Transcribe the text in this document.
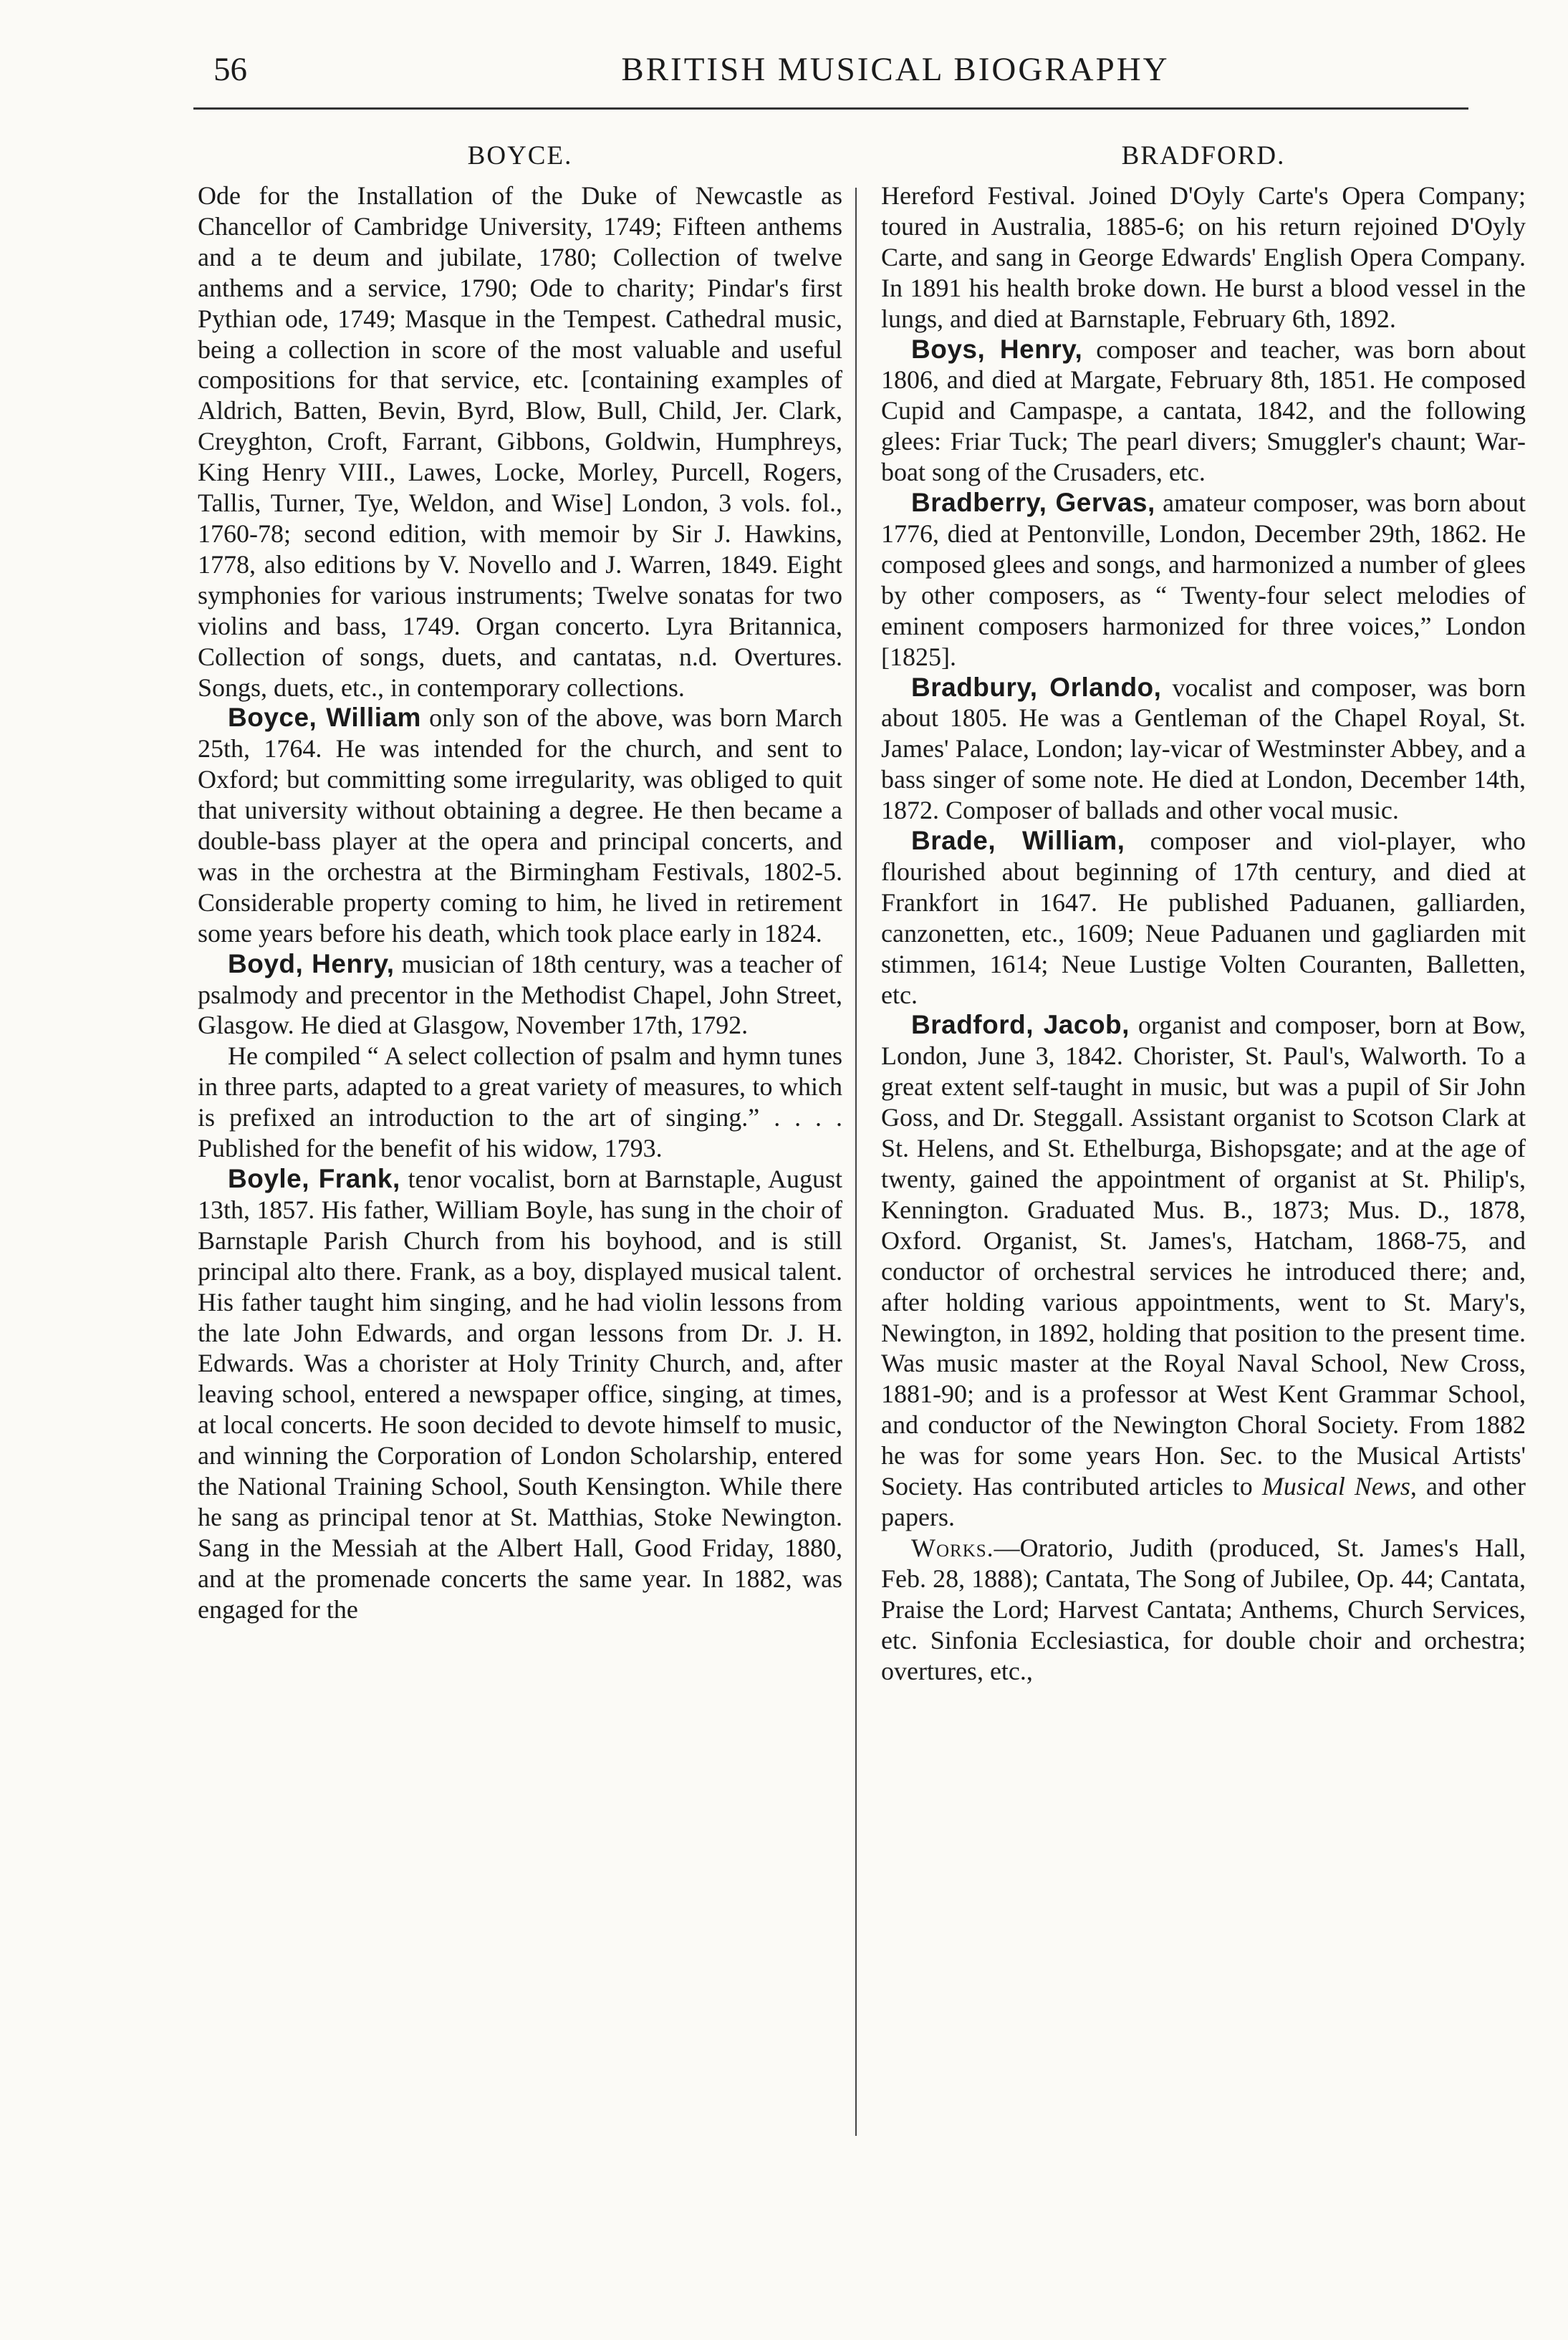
56	BRITISH MUSICAL BIOGRAPHY
BOYCE.

Ode for the Installation of the Duke of Newcastle as Chancellor of Cambridge University, 1749; Fifteen anthems and a te deum and jubilate, 1780; Collection of twelve anthems and a service, 1790; Ode to charity; Pindar's first Pythian ode, 1749; Masque in the Tempest. Cathedral music, being a collection in score of the most valuable and useful compositions for that service, etc. [containing examples of Aldrich, Batten, Bevin, Byrd, Blow, Bull, Child, Jer. Clark, Creyghton, Croft, Farrant, Gibbons, Goldwin, Humphreys, King Henry VIII., Lawes, Locke, Morley, Purcell, Rogers, Tallis, Turner, Tye, Weldon, and Wise] London, 3 vols. fol., 1760-78; second edition, with memoir by Sir J. Hawkins, 1778, also editions by V. Novello and J. Warren, 1849. Eight symphonies for various instruments; Twelve sonatas for two violins and bass, 1749. Organ concerto. Lyra Britannica, Collection of songs, duets, and cantatas, n.d. Overtures. Songs, duets, etc., in contemporary collections.

Boyce, William only son of the above, was born March 25th, 1764. He was intended for the church, and sent to Oxford; but committing some irregularity, was obliged to quit that university without obtaining a degree. He then became a double-bass player at the opera and principal concerts, and was in the orchestra at the Birmingham Festivals, 1802-5. Considerable property coming to him, he lived in retirement some years before his death, which took place early in 1824.

Boyd, Henry, musician of 18th century, was a teacher of psalmody and precentor in the Methodist Chapel, John Street, Glasgow. He died at Glasgow, November 17th, 1792.

He compiled “ A select collection of psalm and hymn tunes in three parts, adapted to a great variety of measures, to which is prefixed an introduction to the art of singing.” . . . . Published for the benefit of his widow, 1793.

Boyle, Frank, tenor vocalist, born at Barnstaple, August 13th, 1857. His father, William Boyle, has sung in the choir of Barnstaple Parish Church from his boyhood, and is still principal alto there. Frank, as a boy, displayed musical talent. His father taught him singing, and he had violin lessons from the late John Edwards, and organ lessons from Dr. J. H. Edwards. Was a chorister at Holy Trinity Church, and, after leaving school, entered a newspaper office, singing, at times, at local concerts. He soon decided to devote himself to music, and winning the Corporation of London Scholarship, entered the National Training School, South Kensington. While there he sang as principal tenor at St. Matthias, Stoke Newington. Sang in the Messiah at the Albert Hall, Good Friday, 1880, and at the promenade concerts the same year. In 1882, was engaged for the

BRADFORD.

Hereford Festival. Joined D'Oyly Carte's Opera Company; toured in Australia, 1885-6; on his return rejoined D'Oyly Carte, and sang in George Edwards' English Opera Company. In 1891 his health broke down. He burst a blood vessel in the lungs, and died at Barnstaple, February 6th, 1892.

Boys, Henry, composer and teacher, was born about 1806, and died at Margate, February 8th, 1851. He composed Cupid and Campaspe, a cantata, 1842, and the following glees: Friar Tuck; The pearl divers; Smuggler's chaunt; War-boat song of the Crusaders, etc.

Bradberry, Gervas, amateur composer, was born about 1776, died at Pentonville, London, December 29th, 1862. He composed glees and songs, and harmonized a number of glees by other composers, as “ Twenty-four select melodies of eminent composers harmonized for three voices,” London [1825].

Bradbury, Orlando, vocalist and composer, was born about 1805. He was a Gentleman of the Chapel Royal, St. James' Palace, London; lay-vicar of Westminster Abbey, and a bass singer of some note. He died at London, December 14th, 1872. Composer of ballads and other vocal music.

Brade, William, composer and viol-player, who flourished about beginning of 17th century, and died at Frankfort in 1647. He published Paduanen, galliarden, canzonetten, etc., 1609; Neue Paduanen und gagliarden mit stimmen, 1614; Neue Lustige Volten Couranten, Balletten, etc.

Bradford, Jacob, organist and composer, born at Bow, London, June 3, 1842. Chorister, St. Paul's, Walworth. To a great extent self-taught in music, but was a pupil of Sir John Goss, and Dr. Steggall. Assistant organist to Scotson Clark at St. Helens, and St. Ethelburga, Bishopsgate; and at the age of twenty, gained the appointment of organist at St. Philip's, Kennington. Graduated Mus. B., 1873; Mus. D., 1878, Oxford. Organist, St. James's, Hatcham, 1868-75, and conductor of orchestral services he introduced there; and, after holding various appointments, went to St. Mary's, Newington, in 1892, holding that position to the present time. Was music master at the Royal Naval School, New Cross, 1881-90; and is a professor at West Kent Grammar School, and conductor of the Newington Choral Society. From 1882 he was for some years Hon. Sec. to the Musical Artists' Society. Has contributed articles to Musical News, and other papers.

Works.—Oratorio, Judith (produced, St. James's Hall, Feb. 28, 1888); Cantata, The Song of Jubilee, Op. 44; Cantata, Praise the Lord; Harvest Cantata; Anthems, Church Services, etc. Sinfonia Ecclesiastica, for double choir and orchestra; overtures, etc.,
